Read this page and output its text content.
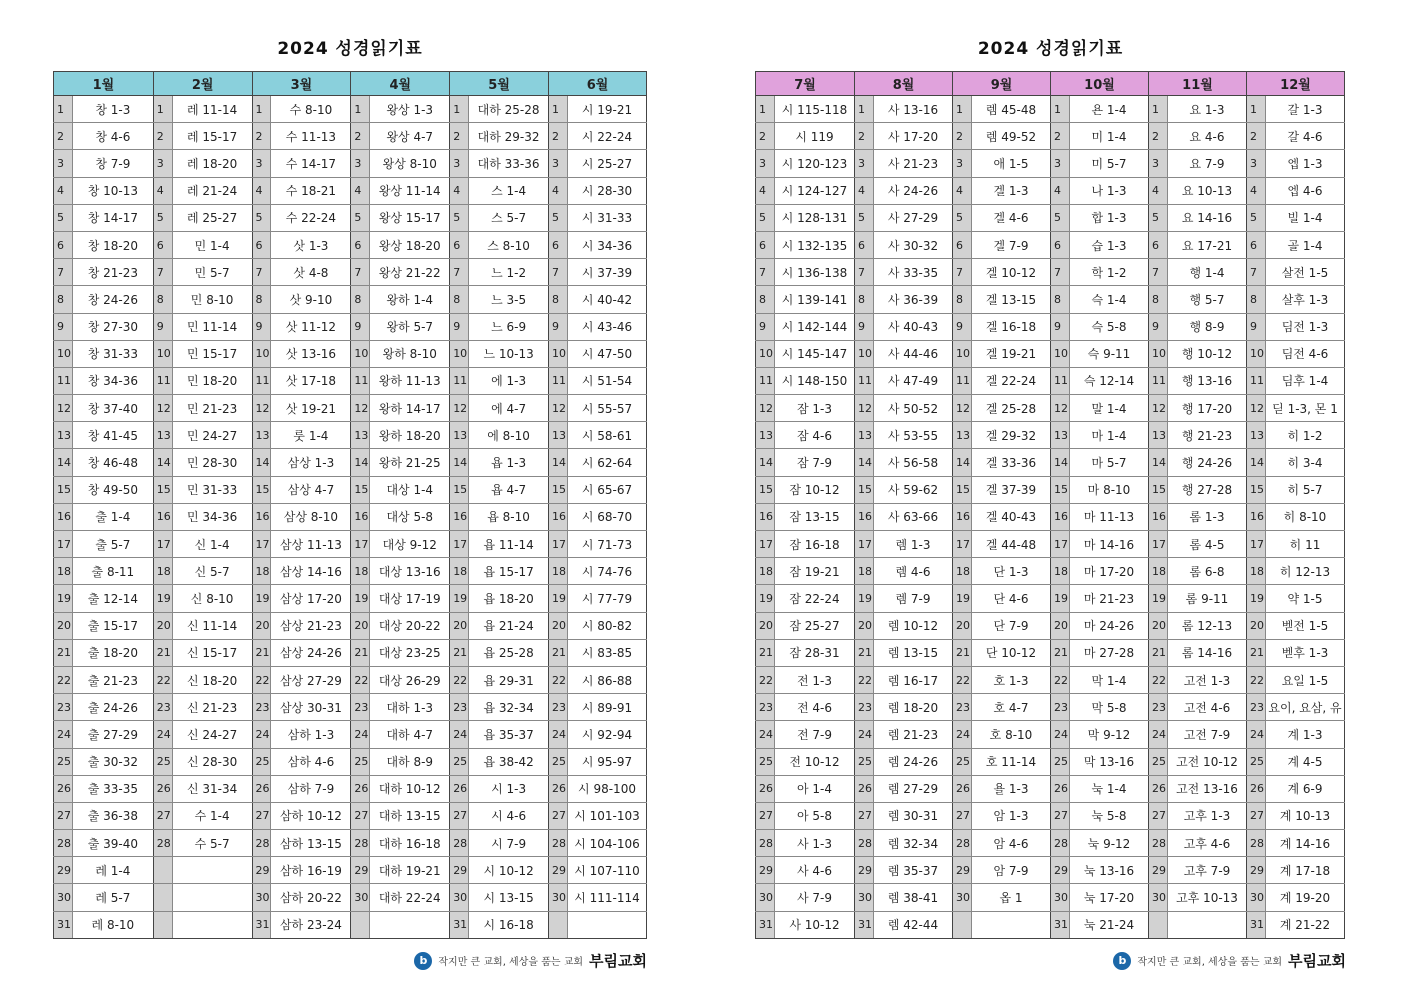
2024 성경읽기표
1월		2월		3월		4월		5월		6월	
1	창 1-3	1	레 11-14	1	수 8-10	1	왕상 1-3	1	대하 25-28	1	시 19-21
2	창 4-6	2	레 15-17	2	수 11-13	2	왕상 4-7	2	대하 29-32	2	시 22-24
3	창 7-9	3	레 18-20	3	수 14-17	3	왕상 8-10	3	대하 33-36	3	시 25-27
4	창 10-13	4	레 21-24	4	수 18-21	4	왕상 11-14	4	스 1-4	4	시 28-30
5	창 14-17	5	레 25-27	5	수 22-24	5	왕상 15-17	5	스 5-7	5	시 31-33
6	창 18-20	6	민 1-4	6	삿 1-3	6	왕상 18-20	6	스 8-10	6	시 34-36
7	창 21-23	7	민 5-7	7	삿 4-8	7	왕상 21-22	7	느 1-2	7	시 37-39
8	창 24-26	8	민 8-10	8	삿 9-10	8	왕하 1-4	8	느 3-5	8	시 40-42
9	창 27-30	9	민 11-14	9	삿 11-12	9	왕하 5-7	9	느 6-9	9	시 43-46
10	창 31-33	10	민 15-17	10	삿 13-16	10	왕하 8-10	10	느 10-13	10	시 47-50
11	창 34-36	11	민 18-20	11	삿 17-18	11	왕하 11-13	11	에 1-3	11	시 51-54
12	창 37-40	12	민 21-23	12	삿 19-21	12	왕하 14-17	12	에 4-7	12	시 55-57
13	창 41-45	13	민 24-27	13	룻 1-4	13	왕하 18-20	13	에 8-10	13	시 58-61
14	창 46-48	14	민 28-30	14	삼상 1-3	14	왕하 21-25	14	욥 1-3	14	시 62-64
15	창 49-50	15	민 31-33	15	삼상 4-7	15	대상 1-4	15	욥 4-7	15	시 65-67
16	출 1-4	16	민 34-36	16	삼상 8-10	16	대상 5-8	16	욥 8-10	16	시 68-70
17	출 5-7	17	신 1-4	17	삼상 11-13	17	대상 9-12	17	욥 11-14	17	시 71-73
18	출 8-11	18	신 5-7	18	삼상 14-16	18	대상 13-16	18	욥 15-17	18	시 74-76
19	출 12-14	19	신 8-10	19	삼상 17-20	19	대상 17-19	19	욥 18-20	19	시 77-79
20	출 15-17	20	신 11-14	20	삼상 21-23	20	대상 20-22	20	욥 21-24	20	시 80-82
21	출 18-20	21	신 15-17	21	삼상 24-26	21	대상 23-25	21	욥 25-28	21	시 83-85
22	출 21-23	22	신 18-20	22	삼상 27-29	22	대상 26-29	22	욥 29-31	22	시 86-88
23	출 24-26	23	신 21-23	23	삼상 30-31	23	대하 1-3	23	욥 32-34	23	시 89-91
24	출 27-29	24	신 24-27	24	삼하 1-3	24	대하 4-7	24	욥 35-37	24	시 92-94
25	출 30-32	25	신 28-30	25	삼하 4-6	25	대하 8-9	25	욥 38-42	25	시 95-97
26	출 33-35	26	신 31-34	26	삼하 7-9	26	대하 10-12	26	시 1-3	26	시 98-100
27	출 36-38	27	수 1-4	27	삼하 10-12	27	대하 13-15	27	시 4-6	27	시 101-103
28	출 39-40	28	수 5-7	28	삼하 13-15	28	대하 16-18	28	시 7-9	28	시 104-106
29	레 1-4			29	삼하 16-19	29	대하 19-21	29	시 10-12	29	시 107-110
30	레 5-7			30	삼하 20-22	30	대하 22-24	30	시 13-15	30	시 111-114
31	레 8-10			31	삼하 23-24			31	시 16-18		
b	작지만 큰 교회, 세상을 품는 교회 부림교회
2024 성경읽기표
7월		8월		9월		10월		11월		12월	
1	시 115-118	1	사 13-16	1	렘 45-48	1	욘 1-4	1	요 1-3	1	갈 1-3
2	시 119	2	사 17-20	2	렘 49-52	2	미 1-4	2	요 4-6	2	갈 4-6
3	시 120-123	3	사 21-23	3	애 1-5	3	미 5-7	3	요 7-9	3	엡 1-3
4	시 124-127	4	사 24-26	4	겔 1-3	4	나 1-3	4	요 10-13	4	엡 4-6
5	시 128-131	5	사 27-29	5	겔 4-6	5	합 1-3	5	요 14-16	5	빌 1-4
6	시 132-135	6	사 30-32	6	겔 7-9	6	습 1-3	6	요 17-21	6	골 1-4
7	시 136-138	7	사 33-35	7	겔 10-12	7	학 1-2	7	행 1-4	7	살전 1-5
8	시 139-141	8	사 36-39	8	겔 13-15	8	슥 1-4	8	행 5-7	8	살후 1-3
9	시 142-144	9	사 40-43	9	겔 16-18	9	슥 5-8	9	행 8-9	9	딤전 1-3
10	시 145-147	10	사 44-46	10	겔 19-21	10	슥 9-11	10	행 10-12	10	딤전 4-6
11	시 148-150	11	사 47-49	11	겔 22-24	11	슥 12-14	11	행 13-16	11	딤후 1-4
12	잠 1-3	12	사 50-52	12	겔 25-28	12	말 1-4	12	행 17-20	12	딛 1-3, 몬 1
13	잠 4-6	13	사 53-55	13	겔 29-32	13	마 1-4	13	행 21-23	13	히 1-2
14	잠 7-9	14	사 56-58	14	겔 33-36	14	마 5-7	14	행 24-26	14	히 3-4
15	잠 10-12	15	사 59-62	15	겔 37-39	15	마 8-10	15	행 27-28	15	히 5-7
16	잠 13-15	16	사 63-66	16	겔 40-43	16	마 11-13	16	롬 1-3	16	히 8-10
17	잠 16-18	17	렘 1-3	17	겔 44-48	17	마 14-16	17	롬 4-5	17	히 11
18	잠 19-21	18	렘 4-6	18	단 1-3	18	마 17-20	18	롬 6-8	18	히 12-13
19	잠 22-24	19	렘 7-9	19	단 4-6	19	마 21-23	19	롬 9-11	19	약 1-5
20	잠 25-27	20	렘 10-12	20	단 7-9	20	마 24-26	20	롬 12-13	20	벧전 1-5
21	잠 28-31	21	렘 13-15	21	단 10-12	21	마 27-28	21	롬 14-16	21	벧후 1-3
22	전 1-3	22	렘 16-17	22	호 1-3	22	막 1-4	22	고전 1-3	22	요일 1-5
23	전 4-6	23	렘 18-20	23	호 4-7	23	막 5-8	23	고전 4-6	23	요이, 요삼, 유
24	전 7-9	24	렘 21-23	24	호 8-10	24	막 9-12	24	고전 7-9	24	계 1-3
25	전 10-12	25	렘 24-26	25	호 11-14	25	막 13-16	25	고전 10-12	25	계 4-5
26	아 1-4	26	렘 27-29	26	욜 1-3	26	눅 1-4	26	고전 13-16	26	계 6-9
27	아 5-8	27	렘 30-31	27	암 1-3	27	눅 5-8	27	고후 1-3	27	계 10-13
28	사 1-3	28	렘 32-34	28	암 4-6	28	눅 9-12	28	고후 4-6	28	계 14-16
29	사 4-6	29	렘 35-37	29	암 7-9	29	눅 13-16	29	고후 7-9	29	계 17-18
30	사 7-9	30	렘 38-41	30	옵 1	30	눅 17-20	30	고후 10-13	30	계 19-20
31	사 10-12	31	렘 42-44			31	눅 21-24			31	계 21-22
b	작지만 큰 교회, 세상을 품는 교회 부림교회
